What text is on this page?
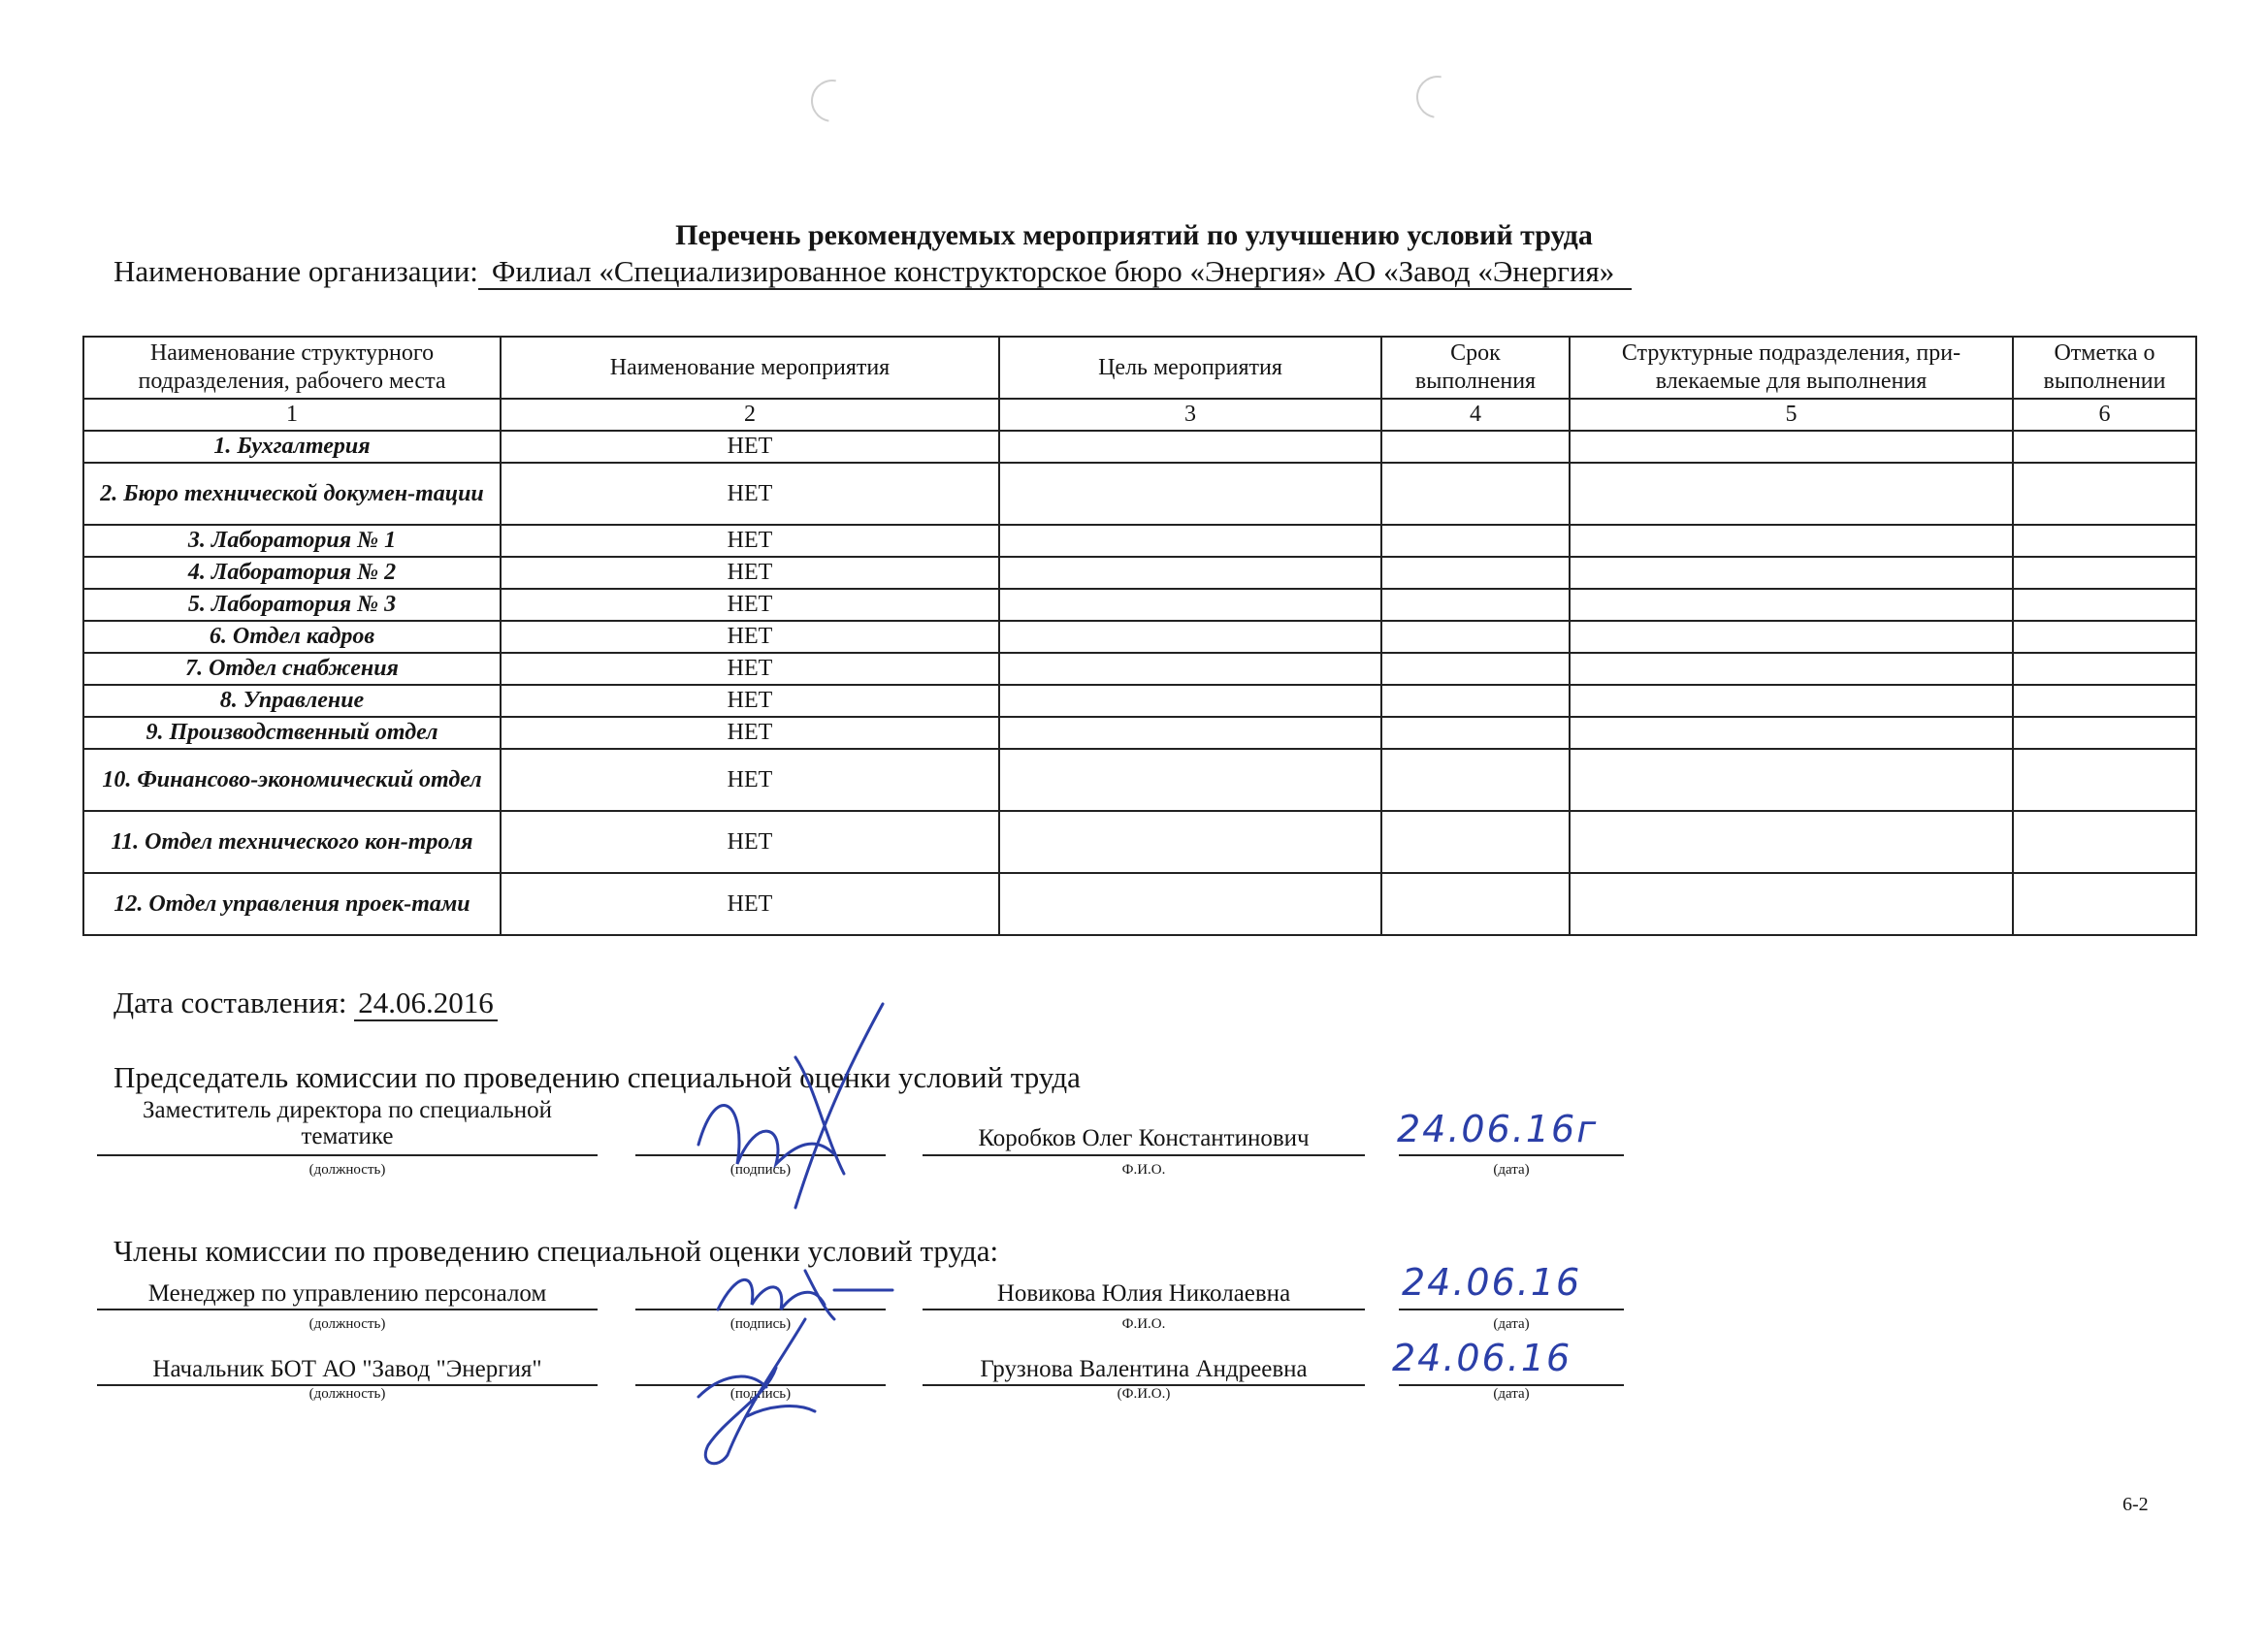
Перечень рекомендуемых мероприятий по улучшению условий труда
Наименование организации: Филиал «Специализированное конструкторское бюро «Энергия» АО «Завод «Энергия»
Наименование структурного подразделения, рабочего места	Наименование мероприятия	Цель мероприятия	Срок выполнения	Структурные подразделения, при-влекаемые для выполнения	Отметка о выполнении
1	2	3	4	5	6
1. Бухгалтерия	НЕТ				
2. Бюро технической докумен-тации	НЕТ				
3. Лаборатория № 1	НЕТ				
4. Лаборатория № 2	НЕТ				
5. Лаборатория № 3	НЕТ				
6. Отдел кадров	НЕТ				
7. Отдел снабжения	НЕТ				
8. Управление	НЕТ				
9. Производственный отдел	НЕТ				
10. Финансово-экономический отдел	НЕТ				
11. Отдел технического кон-троля	НЕТ				
12. Отдел управления проек-тами	НЕТ				
Дата составления: 24.06.2016
Председатель комиссии по проведению специальной оценки условий труда
Заместитель директора по специальной тематике
(должность)	(подпись)
Коробков Олег Константинович
Ф.И.О.
24.06.16г
(дата)
Члены комиссии по проведению специальной оценки условий труда:
Менеджер по управлению персоналом
(должность)	(подпись)
Новикова Юлия Николаевна
Ф.И.О.
24.06.16
(дата)
Начальник БОТ АО "Завод "Энергия"
(должность)	(подпись)
Грузнова Валентина Андреевна
(Ф.И.О.)
24.06.16
(дата)
6-2
